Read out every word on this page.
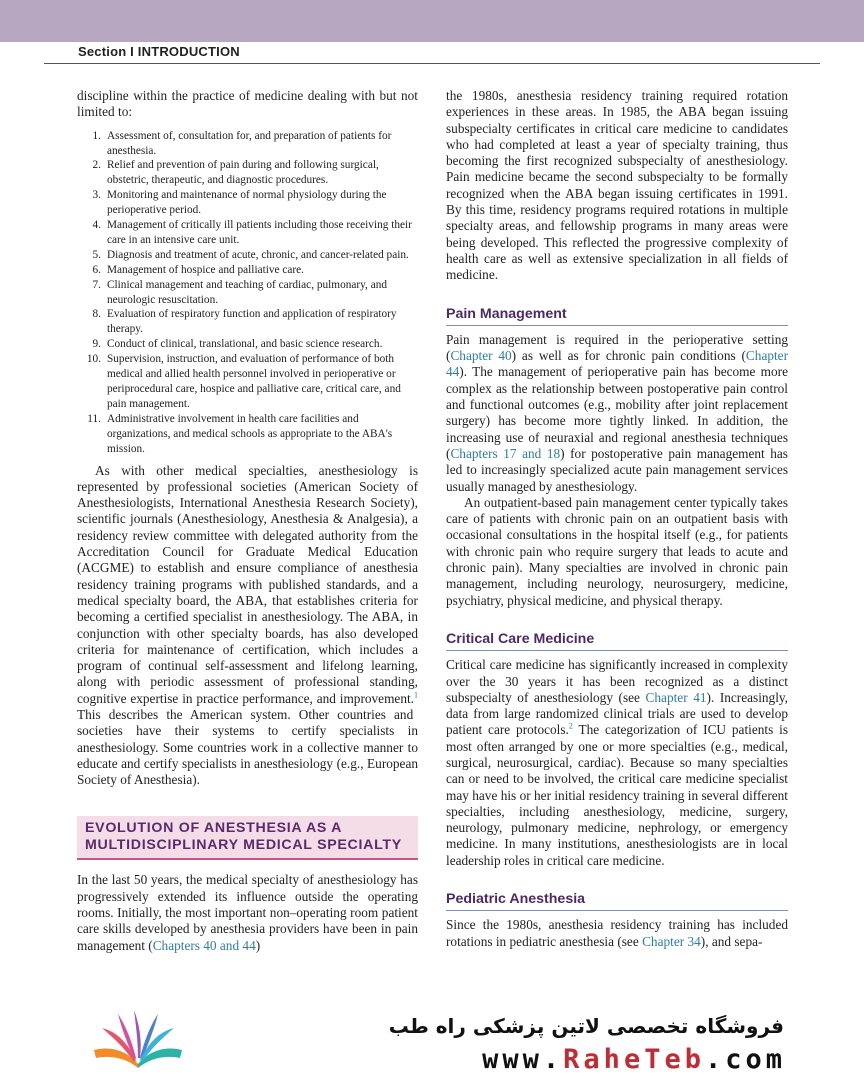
Section I INTRODUCTION

discipline within the practice of medicine dealing with but not limited to:

1. Assessment of, consultation for, and preparation of patients for anesthesia.
2. Relief and prevention of pain during and following surgical, obstetric, therapeutic, and diagnostic procedures.
3. Monitoring and maintenance of normal physiology during the perioperative period.
4. Management of critically ill patients including those receiving their care in an intensive care unit.
5. Diagnosis and treatment of acute, chronic, and cancer-related pain.
6. Management of hospice and palliative care.
7. Clinical management and teaching of cardiac, pulmonary, and neurologic resuscitation.
8. Evaluation of respiratory function and application of respiratory therapy.
9. Conduct of clinical, translational, and basic science research.
10. Supervision, instruction, and evaluation of performance of both medical and allied health personnel involved in perioperative or periprocedural care, hospice and palliative care, critical care, and pain management.
11. Administrative involvement in health care facilities and organizations, and medical schools as appropriate to the ABA's mission.

As with other medical specialties, anesthesiology is represented by professional societies (American Society of Anesthesiologists, International Anesthesia Research Society), scientific journals (Anesthesiology, Anesthesia & Analgesia), a residency review committee with delegated authority from the Accreditation Council for Graduate Medical Education (ACGME) to establish and ensure compliance of anesthesia residency training programs with published standards, and a medical specialty board, the ABA, that establishes criteria for becoming a certified specialist in anesthesiology. The ABA, in conjunction with other specialty boards, has also developed criteria for maintenance of certification, which includes a program of continual self-assessment and lifelong learning, along with periodic assessment of professional standing, cognitive expertise in practice performance, and improvement.$^1$ This describes the American system. Other countries and societies have their systems to certify specialists in anesthesiology. Some countries work in a collective manner to educate and certify specialists in anesthesiology (e.g., European Society of Anesthesia).

EVOLUTION OF ANESTHESIA AS A MULTIDISCIPLINARY MEDICAL SPECIALTY

In the last 50 years, the medical specialty of anesthesiology has progressively extended its influence outside the operating rooms. Initially, the most important non–operating room patient care skills developed by anesthesia providers have been in pain management (Chapters 40 and 44)

the 1980s, anesthesia residency training required rotation experiences in these areas. In 1985, the ABA began issuing subspecialty certificates in critical care medicine to candidates who had completed at least a year of specialty training, thus becoming the first recognized subspecialty of anesthesiology. Pain medicine became the second subspecialty to be formally recognized when the ABA began issuing certificates in 1991. By this time, residency programs required rotations in multiple specialty areas, and fellowship programs in many areas were being developed. This reflected the progressive complexity of health care as well as extensive specialization in all fields of medicine.

Pain Management

Pain management is required in the perioperative setting (Chapter 40) as well as for chronic pain conditions (Chapter 44). The management of perioperative pain has become more complex as the relationship between postoperative pain control and functional outcomes (e.g., mobility after joint replacement surgery) has become more tightly linked. In addition, the increasing use of neuraxial and regional anesthesia techniques (Chapters 17 and 18) for postoperative pain management has led to increasingly specialized acute pain management services usually managed by anesthesiology.

An outpatient-based pain management center typically takes care of patients with chronic pain on an outpatient basis with occasional consultations in the hospital itself (e.g., for patients with chronic pain who require surgery that leads to acute and chronic pain). Many specialties are involved in chronic pain management, including neurology, neurosurgery, medicine, psychiatry, physical medicine, and physical therapy.

Critical Care Medicine

Critical care medicine has significantly increased in complexity over the 30 years it has been recognized as a distinct subspecialty of anesthesiology (see Chapter 41). Increasingly, data from large randomized clinical trials are used to develop patient care protocols.$^2$ The categorization of ICU patients is most often arranged by one or more specialties (e.g., medical, surgical, neurosurgical, cardiac). Because so many specialties can or need to be involved, the critical care medicine specialist may have his or her initial residency training in several different specialties, including anesthesiology, medicine, surgery, neurology, pulmonary medicine, nephrology, or emergency medicine. In many institutions, anesthesiologists are in local leadership roles in critical care medicine.

Pediatric Anesthesia

Since the 1980s, anesthesia residency training has included rotations in pediatric anesthesia (see Chapter 34), and sepa-

فروشگاه تخصصی لاتین پزشکی راه طب
www.RaheTeb.com
